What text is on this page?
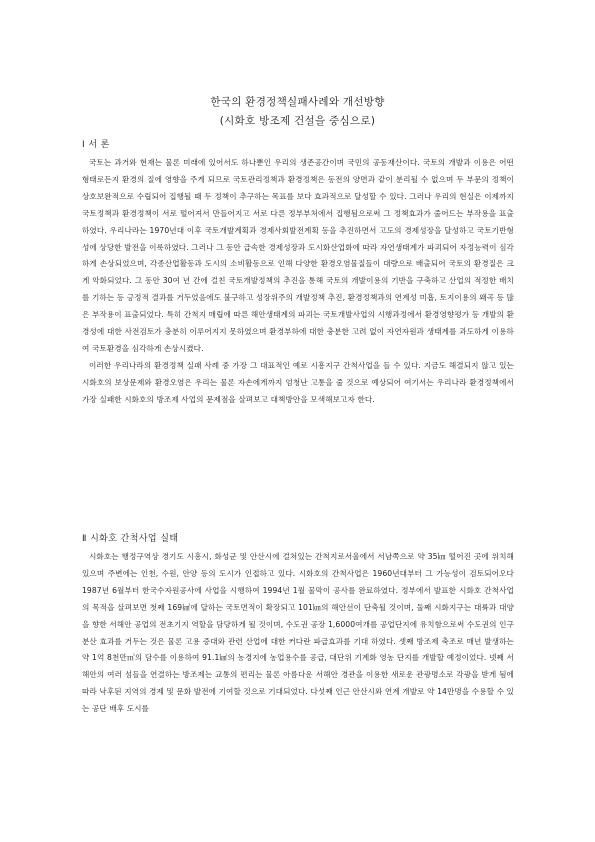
한국의 환경정책실패사례와 개선방향
(시화호 방조제 건설을 중심으로)
Ⅰ 서 론

국토는 과거와 현재는 물론 미래에 있어서도 하나뿐인 우리의 생존공간이며 국민의 공동재산이다. 국토의 개발과 이용은 어떤 형태로든지 환경의 질에 영향을 주게 되므로 국토관리정책과 환경정책은 동전의 양면과 같이 분리될 수 없으며 두 부문의 정책이 상호보완적으로 수립되어 집행될 때 두 정책이 추구하는 목표를 보다 효과적으로 달성할 수 있다. 그러나 우리의 현실은 이제까지 국토정책과 환경정책이 서로 떨어져서 만들어지고 서로 다른 정부부처에서 집행됨으로써 그 정책효과가 줄어드는 부작용을 표출하였다. 우리나라는 1970년대 이후 국토개발계획과 경제사회발전계획 등을 추진하면서 고도의 경제성장을 달성하고 국토기반형성에 상당한 발전을 이룩하였다. 그러나 그 동안 급속한 경제성장과 도시화산업화에 따라 자연생태계가 파괴되어 자정능력이 심각하게 손상되었으며, 각종산업활동과 도시의 소비활동으로 인해 다양한 환경오염물질들이 대량으로 배출되어 국토의 환경질은 크게 악화되었다. 그 동안 30여 년 간에 걸친 국토개발정책의 추진을 통해 국토의 개발이용의 기반을 구축하고 산업의 적정한 배치를 기하는 등 긍정적 결과를 거두었음에도 불구하고 성장위주의 개발정책 추진, 환경정책과의 연계성 미흡, 토지이용의 왜곡 등 많은 부작용이 표출되었다. 특히 간척지 매립에 따른 해안생태계의 파괴는 국토개발사업의 시행과정에서 환경영향평가 등 개발의 환경성에 대한 사전검토가 충분히 이루어지지 못하였으며 환경부하에 대한 충분한 고려 없이 자연자원과 생태계를 과도하게 이용하여 국토환경을 심각하게 손상시켰다.

이러한 우리나라의 환경정책 실패 사례 중 가장 그 대표적인 예로 시흥지구 간척사업을 들 수 있다. 지금도 해결되지 않고 있는 시화호의 보상문제와 환경오염은 우리는 물론 자손에게까지 엄청난 고통을 줄 것으로 예상되어 여기서는 우리나라 환경정책에서 가장 실패한 시화호의 방조제 사업의 문제점을 살펴보고 대책방안을 모색해보고자 한다.

Ⅱ 시화호 간척사업 실태

시화호는 행정구역상 경기도 시흥시, 화성군 및 안산시에 걸쳐있는 간척지로서울에서 서남쪽으로 약 35㎞ 떨어진 곳에 위치해 있으며 주변에는 인천, 수원, 안양 등의 도시가 인접하고 있다. 시화호의 간척사업은 1960년대부터 그 가능성이 검토되어오다 1987년 6월부터 한국수자원공사에 사업을 시행하여 1994년 1월 물막이 공사를 완료하였다. 정부에서 발표한 시화호 간척사업의 목적을 살펴보면 첫째 169㎢에 달하는 국토면적이 확장되고 101㎞의 해안선이 단축될 것이며, 둘째 시화지구는 대륙과 대양을 향한 서해안 공업의 전초기지 역할을 담당하게 될 것이며, 수도권 공장 1,6000여개를 공업단지에 유치함으로써 수도권의 인구분산 효과를 거두는 것은 물론 고용 증대와 관련 산업에 대한 커다란 파급효과를 기대 하였다. 셋째 방조제 축조로 매년 발생하는 약 1억 8천만㎥의 담수를 이용하여 91.1㎢의 농경지에 농업용수를 공급, 대단위 기계화 영농 단지를 개발할 예정이었다. 넷째 서해안의 여러 섬들을 연결하는 방조제는 교통의 편리는 물론 아름다운 서해안 경관을 이용한 새로운 관광명소로 각광을 받게 됨에 따라 낙후된 지역의 경제 및 문화 발전에 기여할 것으로 기대되었다. 다섯째 인근 안산시와 연계 개발로 약 14만명을 수용할 수 있는 공단 배후 도시를
